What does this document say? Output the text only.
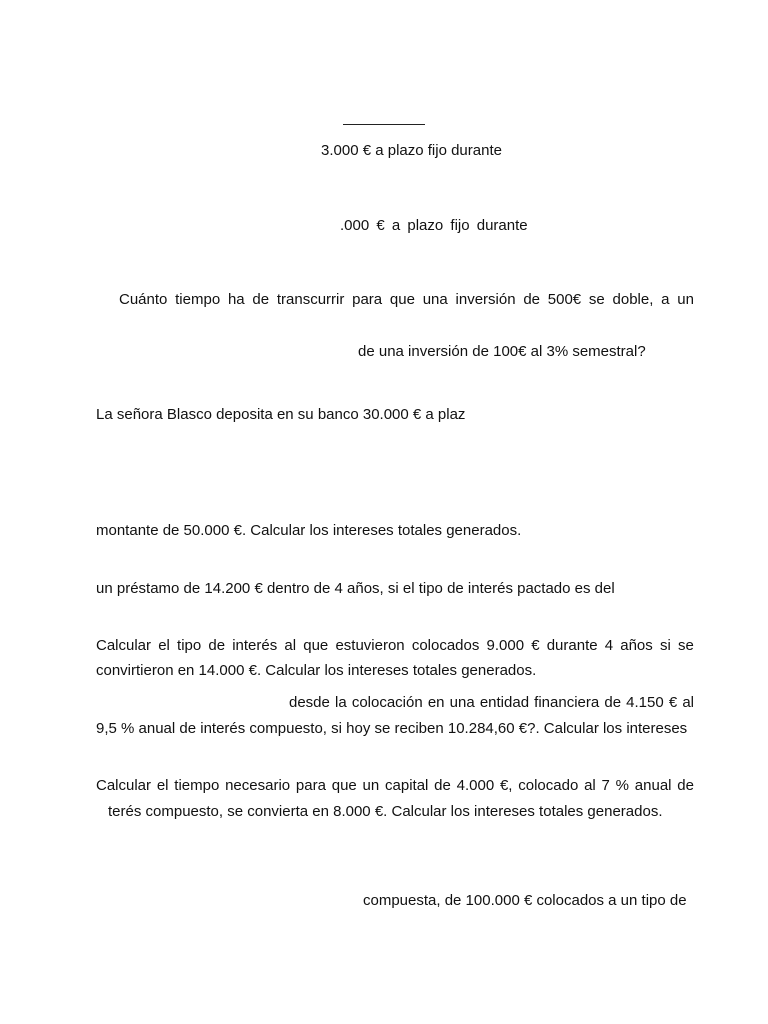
3.000 € a plazo fijo durante
.000 € a plazo fijo durante
Cuánto tiempo ha de transcurrir para que una inversión de 500€ se doble, a un
de una inversión de 100€ al 3% semestral?
La señora Blasco deposita en su banco 30.000 € a plaz
montante de 50.000 €. Calcular los intereses totales generados.
un préstamo de 14.200 € dentro de 4 años, si el tipo de interés pactado es del
Calcular el tipo de interés al que estuvieron colocados 9.000 € durante 4 años si se
convirtieron en 14.000 €. Calcular los intereses totales generados.
desde la colocación en una entidad financiera de 4.150 € al
9,5 % anual de interés compuesto, si hoy se reciben 10.284,60 €?. Calcular los intereses
Calcular el tiempo necesario para que un capital de 4.000 €, colocado al 7 % anual de
terés compuesto, se convierta en 8.000 €. Calcular los intereses totales generados.
compuesta, de 100.000 € colocados a un tipo de
